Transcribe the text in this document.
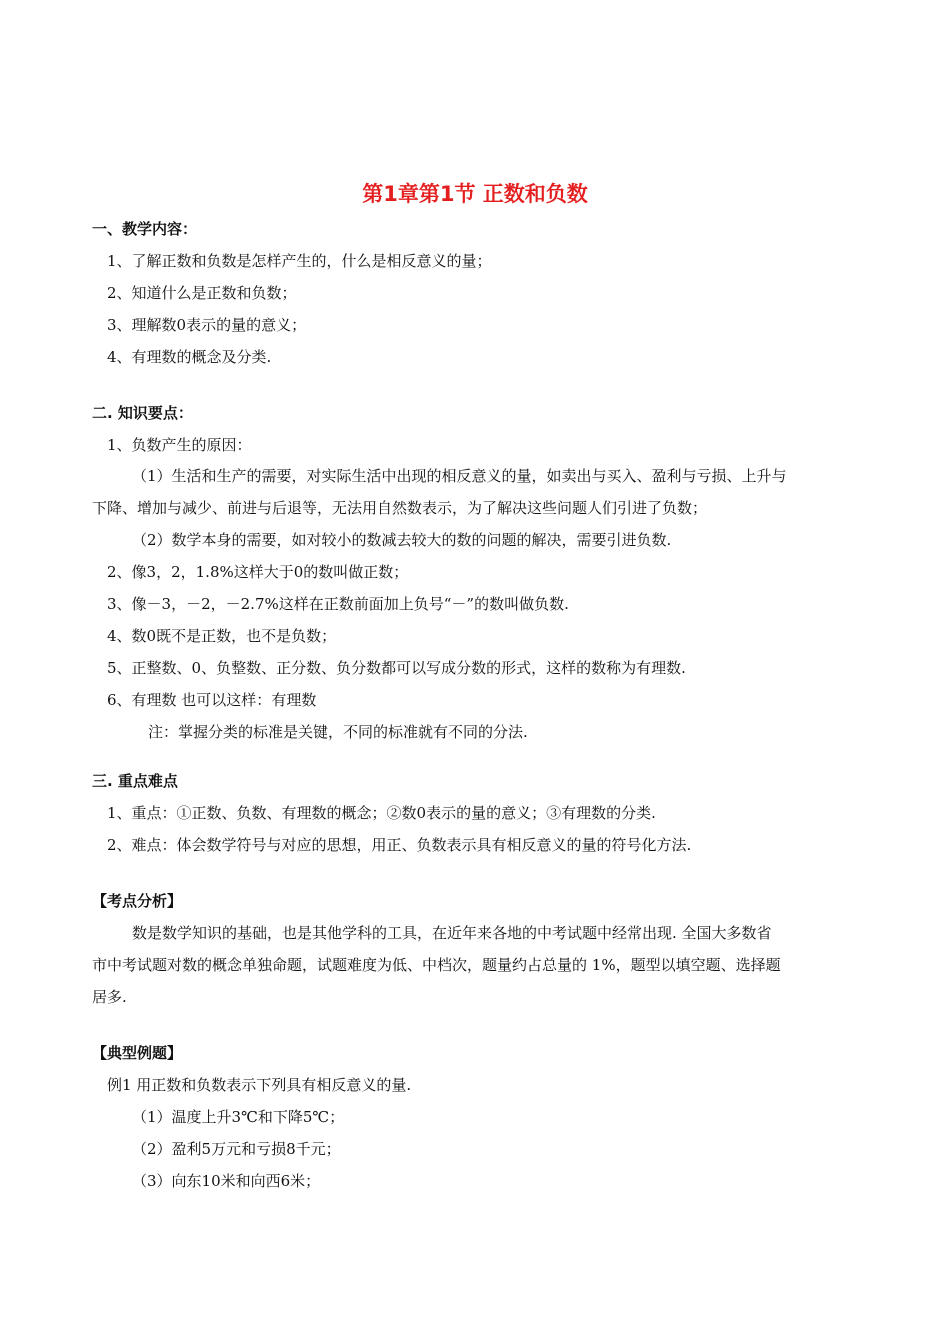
第1章第1节 正数和负数
一、教学内容：
1、了解正数和负数是怎样产生的，什么是相反意义的量；
2、知道什么是正数和负数；
3、理解数0表示的量的意义；
4、有理数的概念及分类.
二. 知识要点：
1、负数产生的原因：
（1）生活和生产的需要，对实际生活中出现的相反意义的量，如卖出与买入、盈利与亏损、上升与
下降、增加与减少、前进与后退等，无法用自然数表示，为了解决这些问题人们引进了负数；
（2）数学本身的需要，如对较小的数减去较大的数的问题的解决，需要引进负数.
2、像3，2，1.8%这样大于0的数叫做正数；
3、像－3，－2，－2.7%这样在正数前面加上负号“－”的数叫做负数.
4、数0既不是正数，也不是负数；
5、正整数、0、负整数、正分数、负分数都可以写成分数的形式，这样的数称为有理数.
6、有理数 也可以这样：有理数
注：掌握分类的标准是关键，不同的标准就有不同的分法.
三. 重点难点
1、重点：①正数、负数、有理数的概念；②数0表示的量的意义；③有理数的分类.
2、难点：体会数学符号与对应的思想，用正、负数表示具有相反意义的量的符号化方法.
【考点分析】
数是数学知识的基础，也是其他学科的工具，在近年来各地的中考试题中经常出现. 全国大多数省
市中考试题对数的概念单独命题，试题难度为低、中档次，题量约占总量的 1%，题型以填空题、选择题
居多.
【典型例题】
例1 用正数和负数表示下列具有相反意义的量.
（1）温度上升3℃和下降5℃；
（2）盈利5万元和亏损8千元；
（3）向东10米和向西6米；
